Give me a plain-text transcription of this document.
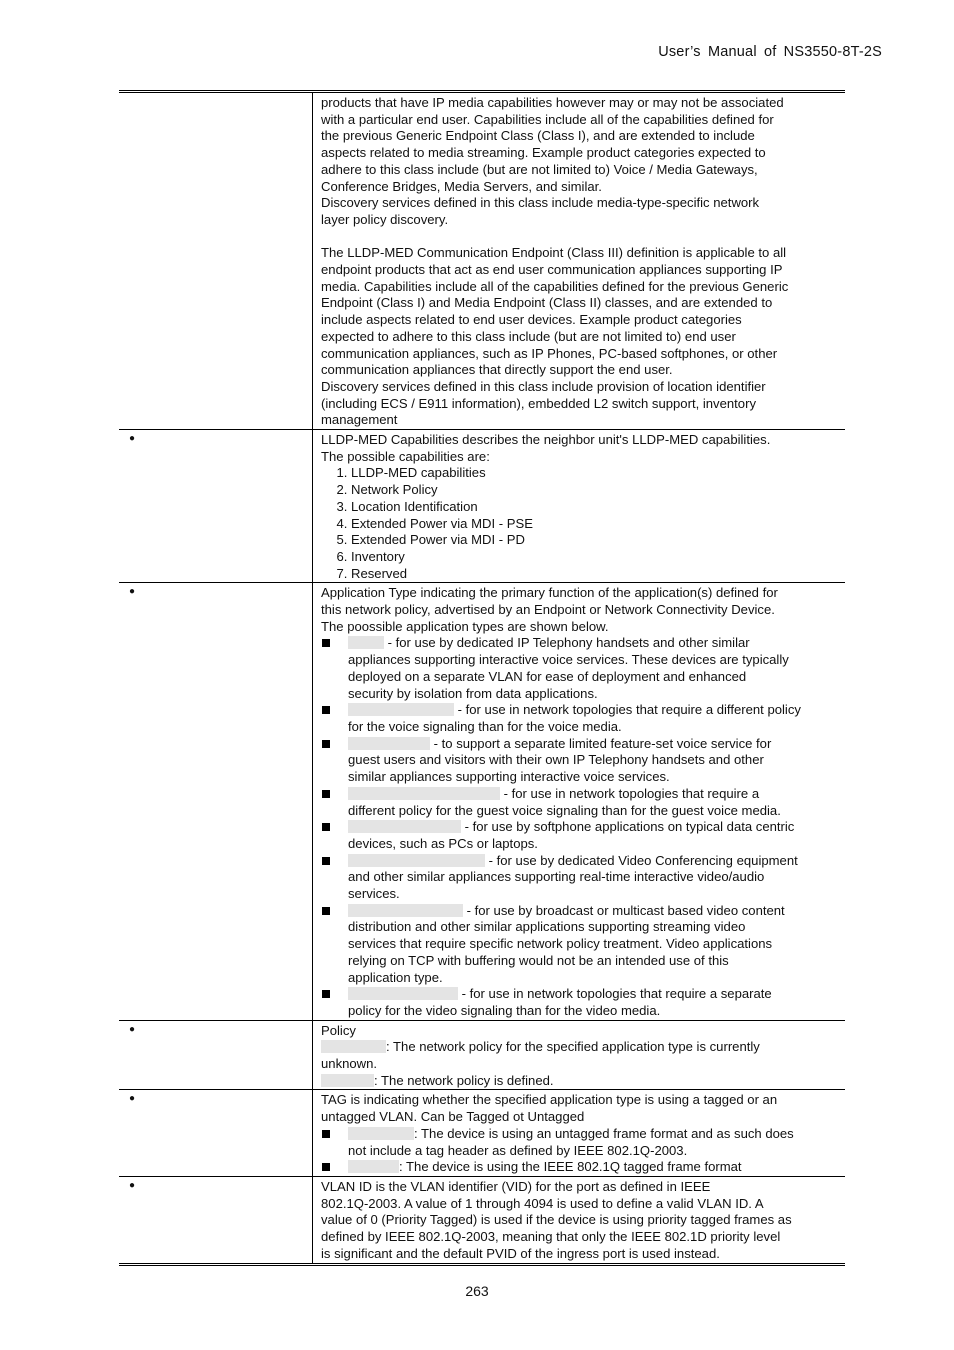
User’s Manual of NS3550-8T-2S

products that have IP media capabilities however may or may not be associated

with a particular end user. Capabilities include all of the capabilities defined for

the previous Generic Endpoint Class (Class I), and are extended to include

aspects related to media streaming. Example product categories expected to

adhere to this class include (but are not limited to) Voice / Media Gateways,

Conference Bridges, Media Servers, and similar.

Discovery services defined in this class include media-type-specific network

layer policy discovery.

The LLDP-MED Communication Endpoint (Class III) definition is applicable to all

endpoint products that act as end user communication appliances supporting IP

media. Capabilities include all of the capabilities defined for the previous Generic

Endpoint (Class I) and Media Endpoint (Class II) classes, and are extended to

include aspects related to end user devices. Example product categories

expected to adhere to this class include (but are not limited to) end user

communication appliances, such as IP Phones, PC-based softphones, or other

communication appliances that directly support the end user.

Discovery services defined in this class include provision of location identifier

(including ECS / E911 information), embedded L2 switch support, inventory

management

●	LLDP-MED Capabilities describes the neighbor unit's LLDP-MED capabilities.

The possible capabilities are:

1. LLDP-MED capabilities
2. Network Policy
3. Location Identification
4. Extended Power via MDI - PSE
5. Extended Power via MDI - PD
6. Inventory
7. Reserved
●	Application Type indicating the primary function of the application(s) defined for

this network policy, advertised by an Endpoint or Network Connectivity Device.

The poossible application types are shown below.

- for use by dedicated IP Telephony handsets and other similar

appliances supporting interactive voice services. These devices are typically

deployed on a separate VLAN for ease of deployment and enhanced

security by isolation from data applications.

- for use in network topologies that require a different policy

for the voice signaling than for the voice media.

- to support a separate limited feature-set voice service for

guest users and visitors with their own IP Telephony handsets and other

similar appliances supporting interactive voice services.

- for use in network topologies that require a

different policy for the guest voice signaling than for the guest voice media.

- for use by softphone applications on typical data centric

devices, such as PCs or laptops.

- for use by dedicated Video Conferencing equipment

and other similar appliances supporting real-time interactive video/audio

services.

- for use by broadcast or multicast based video content

distribution and other similar applications supporting streaming video

services that require specific network policy treatment. Video applications

relying on TCP with buffering would not be an intended use of this

application type.

- for use in network topologies that require a separate

policy for the video signaling than for the video media.

●	Policy

: The network policy for the specified application type is currently

unknown.

: The network policy is defined.

●	TAG is indicating whether the specified application type is using a tagged or an

untagged VLAN. Can be Tagged ot Untagged

: The device is using an untagged frame format and as such does

not include a tag header as defined by IEEE 802.1Q-2003.

: The device is using the IEEE 802.1Q tagged frame format
●	VLAN ID is the VLAN identifier (VID) for the port as defined in IEEE

802.1Q-2003. A value of 1 through 4094 is used to define a valid VLAN ID. A

value of 0 (Priority Tagged) is used if the device is using priority tagged frames as

defined by IEEE 802.1Q-2003, meaning that only the IEEE 802.1D priority level

is significant and the default PVID of the ingress port is used instead.

263
